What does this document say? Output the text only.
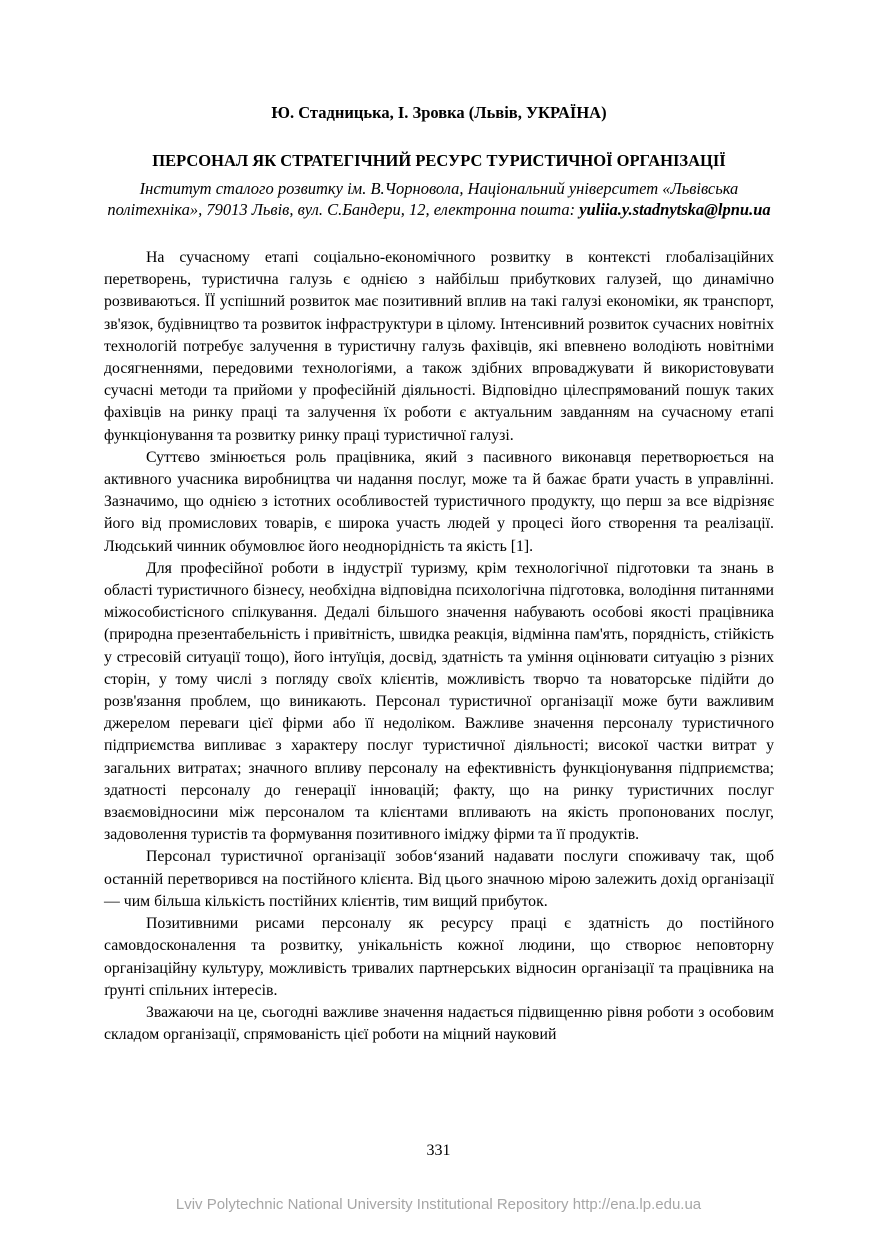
Ю. Стадницька, І. Зровка (Львів, УКРАЇНА)
ПЕРСОНАЛ ЯК СТРАТЕГІЧНИЙ РЕСУРС ТУРИСТИЧНОЇ ОРГАНІЗАЦІЇ
Інститут сталого розвитку ім. В.Чорновола, Національний університет «Львівська політехніка», 79013 Львів, вул. С.Бандери, 12, електронна пошта: yuliia.y.stadnytska@lpnu.ua

На сучасному етапі соціально-економічного розвитку в контексті глобалізаційних перетворень, туристична галузь є однією з найбільш прибуткових галузей, що динамічно розвиваються. ЇЇ успішний розвиток має позитивний вплив на такі галузі економіки, як транспорт, зв'язок, будівництво та розвиток інфраструктури в цілому. Інтенсивний розвиток сучасних новітніх технологій потребує залучення в туристичну галузь фахівців, які впевнено володіють новітніми досягненнями, передовими технологіями, а також здібних впроваджувати й використовувати сучасні методи та прийоми у професійній діяльності. Відповідно цілеспрямований пошук таких фахівців на ринку праці та залучення їх роботи є актуальним завданням на сучасному етапі функціонування та розвитку ринку праці туристичної галузі.

Суттєво змінюється роль працівника, який з пасивного виконавця перетворюється на активного учасника виробництва чи надання послуг, може та й бажає брати участь в управлінні. Зазначимо, що однією з істотних особливостей туристичного продукту, що перш за все відрізняє його від промислових товарів, є широка участь людей у процесі його створення та реалізації. Людський чинник обумовлює його неоднорідність та якість [1].

Для професійної роботи в індустрії туризму, крім технологічної підготовки та знань в області туристичного бізнесу, необхідна відповідна психологічна підготовка, володіння питаннями міжособистісного спілкування. Дедалі більшого значення набувають особові якості працівника (природна презентабельність і привітність, швидка реакція, відмінна пам'ять, порядність, стійкість у стресовій ситуації тощо), його інтуїція, досвід, здатність та уміння оцінювати ситуацію з різних сторін, у тому числі з погляду своїх клієнтів, можливість творчо та новаторське підійти до розв'язання проблем, що виникають. Персонал туристичної організації може бути важливим джерелом переваги цієї фірми або її недоліком. Важливе значення персоналу туристичного підприємства випливає з характеру послуг туристичної діяльності; високої частки витрат у загальних витратах; значного впливу персоналу на ефективність функціонування підприємства; здатності персоналу до генерації інновацій; факту, що на ринку туристичних послуг взаємовідносини між персоналом та клієнтами впливають на якість пропонованих послуг, задоволення туристів та формування позитивного іміджу фірми та її продуктів.

Персонал туристичної організації зобов‘язаний надавати послуги споживачу так, щоб останній перетворився на постійного клієнта. Від цього значною мірою залежить дохід організації — чим більша кількість постійних клієнтів, тим вищий прибуток.

Позитивними рисами персоналу як ресурсу праці є здатність до постійного самовдосконалення та розвитку, унікальність кожної людини, що створює неповторну організаційну культуру, можливість тривалих партнерських відносин організації та працівника на ґрунті спільних інтересів.

Зважаючи на це, сьогодні важливе значення надається підвищенню рівня роботи з особовим складом організації, спрямованість цієї роботи на міцний науковий

331
Lviv Polytechnic National University Institutional Repository http://ena.lp.edu.ua
